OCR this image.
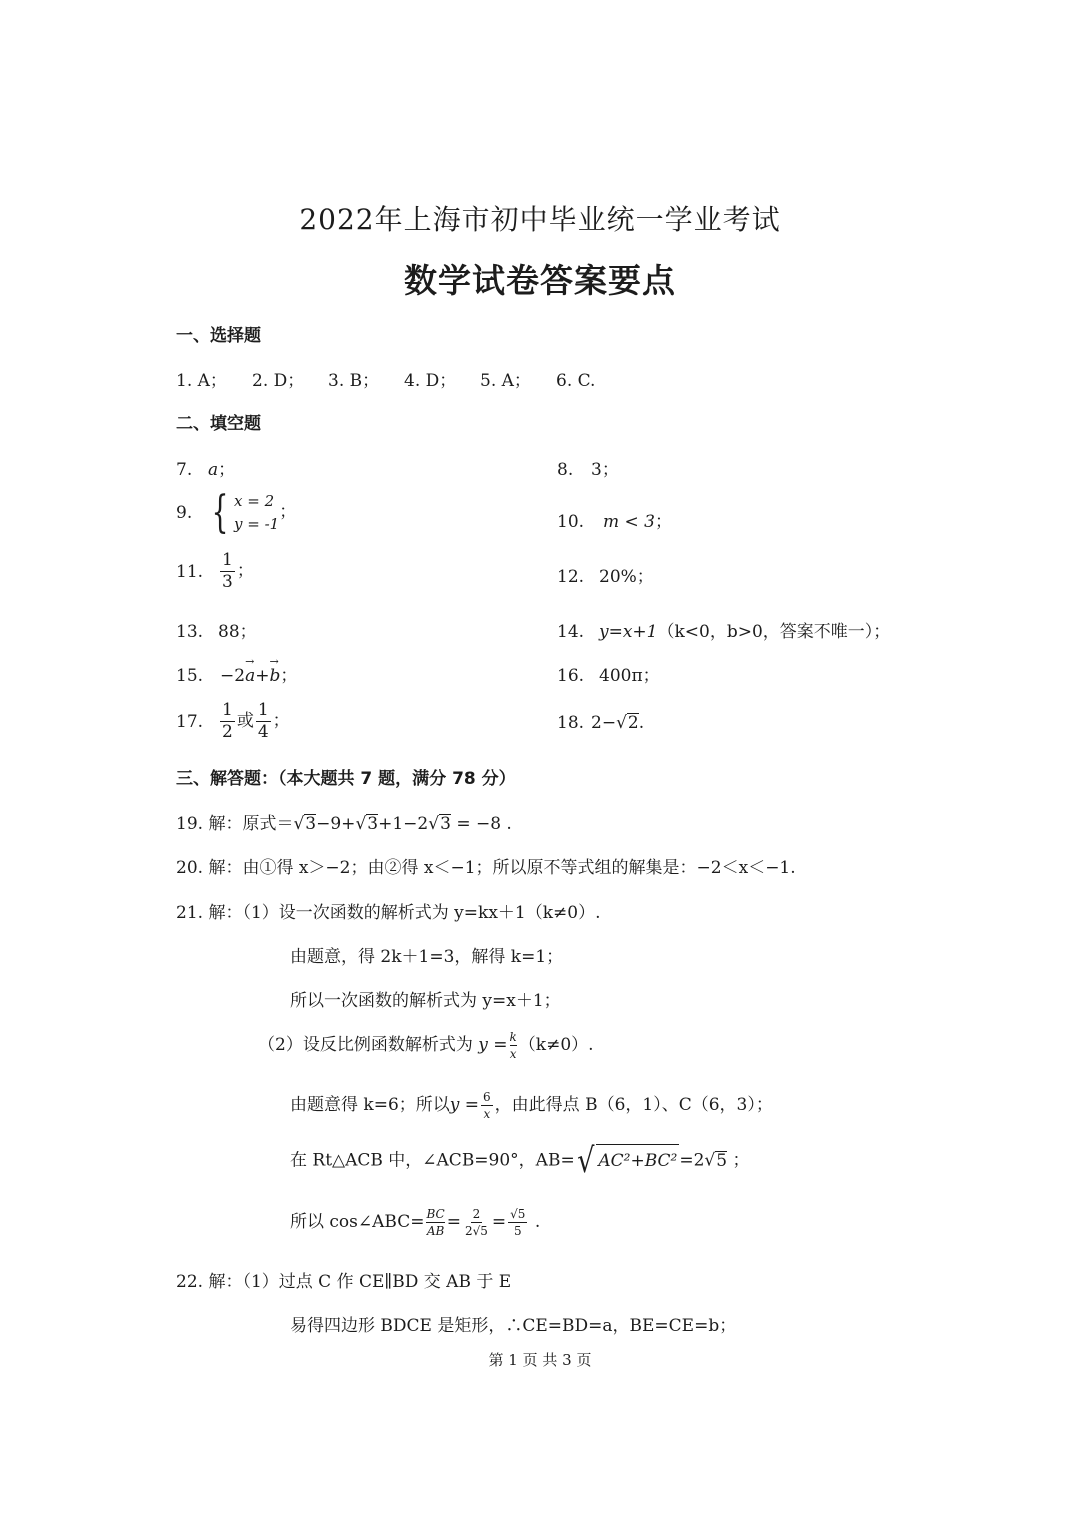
2022年上海市初中毕业统一学业考试
数学试卷答案要点
一、选择题
1. A； 2. D； 3. B； 4. D； 5. A； 6. C.
二、填空题
7. a；	8. 3；
9. { x = 2
y = -1
；	10. m < 3；
11. $\frac{1}{3}$ ；	12. 20%；
13. 88；	14. y=x+1（k<0，b>0，答案不唯一）；
15. −2→ a+→ b；	16. 400π；
17. $\frac{1}{2}$ 或 $\frac{1}{4}$ ；	18. 2−√2.
三、解答题：（本大题共 7 题，满分 78 分）
19. 解：原式＝√3−9+√3+1−2√3 = −8 .
20. 解：由①得 x＞−2；由②得 x＜−1；所以原不等式组的解集是：−2＜x＜−1.
21. 解：（1）设一次函数的解析式为 y=kx＋1（k≠0）.
由题意，得 2k＋1=3，解得 k=1；
所以一次函数的解析式为 y=x＋1；
（2）设反比例函数解析式为 $y = \frac{k}{x} (k\ne 0)$.
由题意得 k=6；所以$y = \frac{6}{x}$ ，由此得点 B（6，1）、C（6，3）；
在 Rt△ACB 中，∠ACB=90°，AB= √ AC²+BC² =2√5 ；
所以 cos∠ABC= $\frac{BC}{AB} = \frac{2}{2√5} = \frac{√5}{5}$ .
22. 解：（1）过点 C 作 CE∥BD 交 AB 于 E
易得四边形 BDCE 是矩形，∴CE=BD=a，BE=CE=b；
第 1 页 共 3 页
